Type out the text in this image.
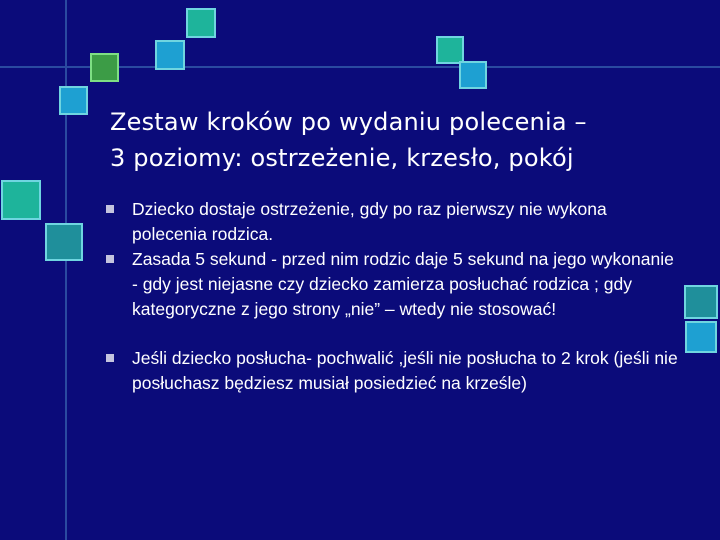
Zestaw kroków po wydaniu polecenia –
3 poziomy: ostrzeżenie, krzesło, pokój
Dziecko dostaje ostrzeżenie, gdy po raz pierwszy nie wykona polecenia rodzica.
Zasada 5 sekund - przed nim rodzic daje 5 sekund na jego wykonanie - gdy jest niejasne czy dziecko zamierza posłuchać rodzica ; gdy kategoryczne z jego strony „nie” – wtedy nie stosować!
Jeśli dziecko posłucha- pochwalić ,jeśli nie posłucha to 2 krok (jeśli nie posłuchasz będziesz musiał posiedzieć na krześle)
